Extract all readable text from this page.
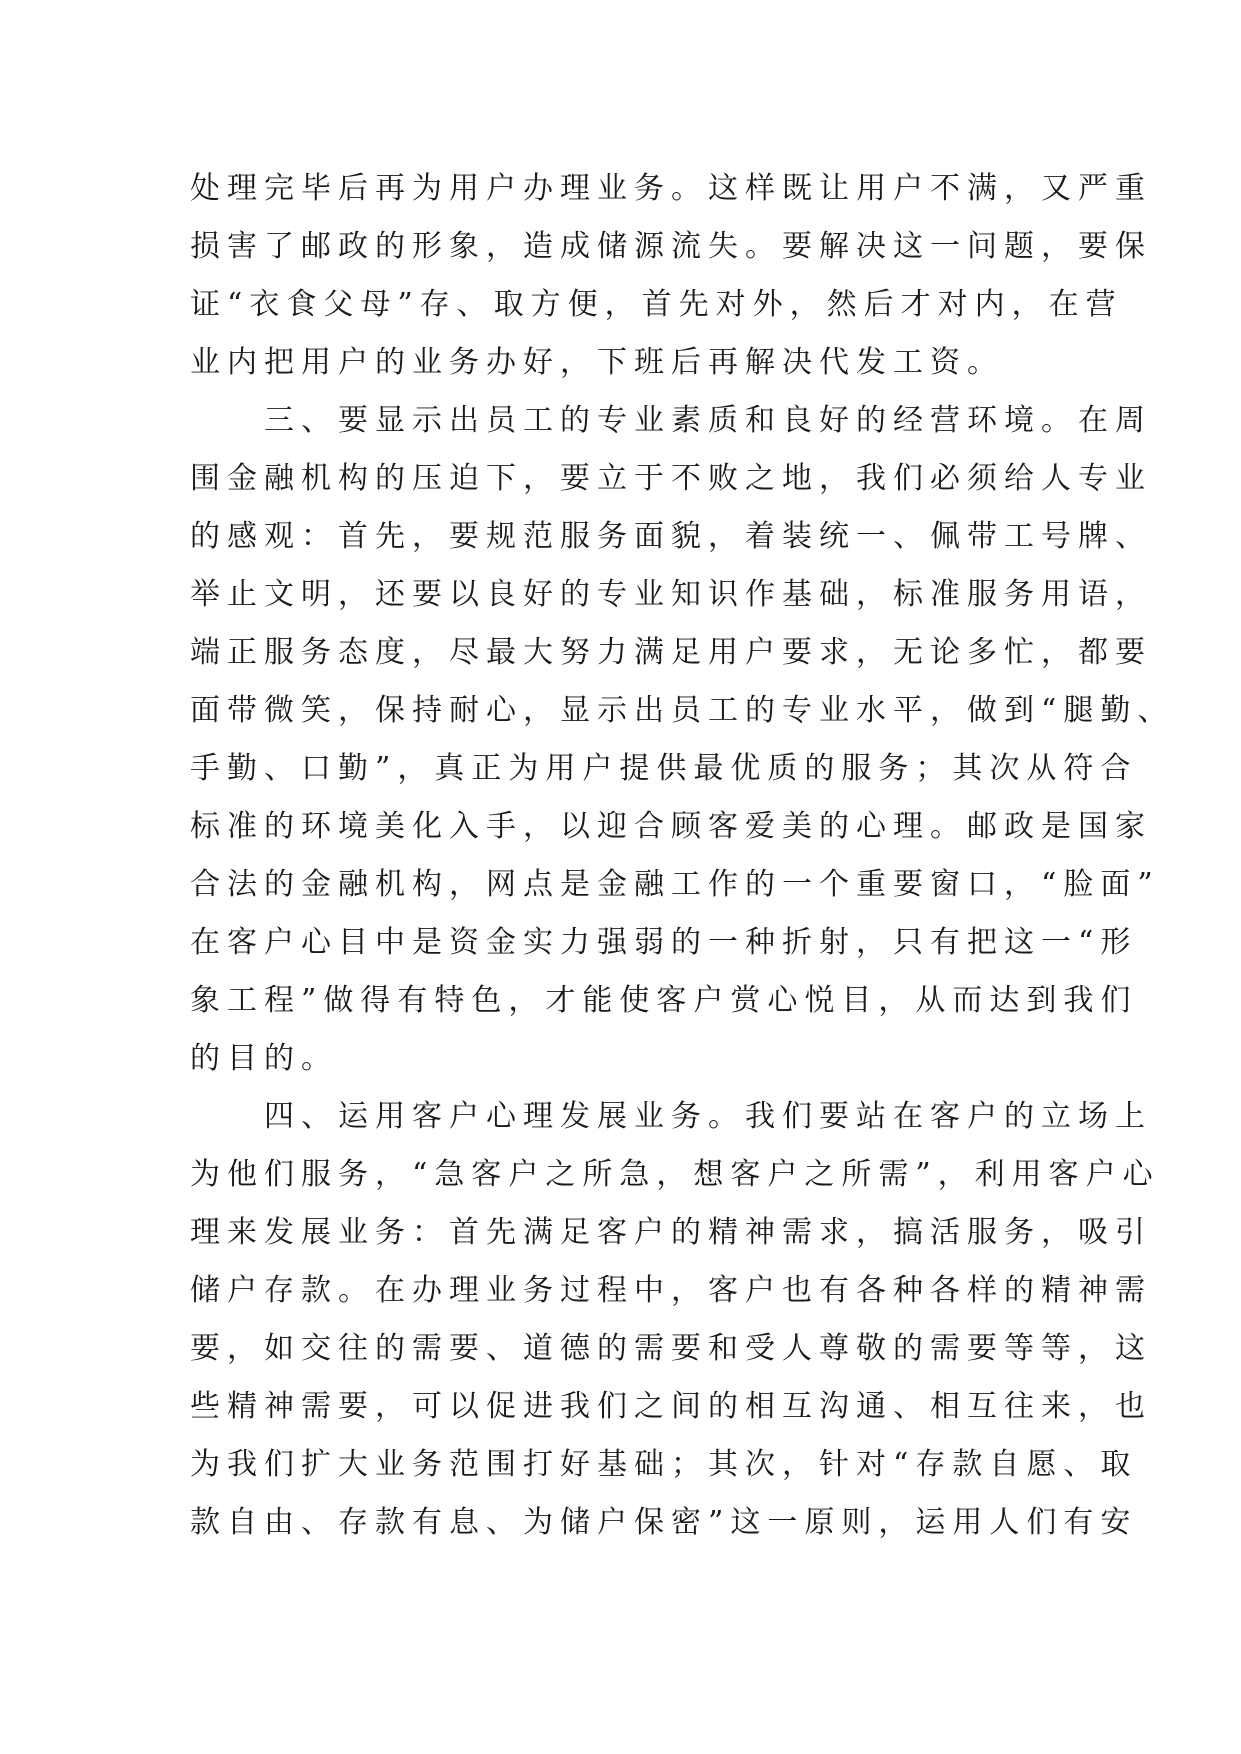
处理完毕后再为用户办理业务。这样既让用户不满，又严重
损害了邮政的形象，造成储源流失。要解决这一问题，要保
证“衣食父母”存、取方便，首先对外，然后才对内，在营
业内把用户的业务办好，下班后再解决代发工资。
三、要显示出员工的专业素质和良好的经营环境。在周
围金融机构的压迫下，要立于不败之地，我们必须给人专业
的感观：首先，要规范服务面貌，着装统一、佩带工号牌、
举止文明，还要以良好的专业知识作基础，标准服务用语，
端正服务态度，尽最大努力满足用户要求，无论多忙，都要
面带微笑，保持耐心，显示出员工的专业水平，做到“腿勤、
手勤、口勤”，真正为用户提供最优质的服务；其次从符合
标准的环境美化入手，以迎合顾客爱美的心理。邮政是国家
合法的金融机构，网点是金融工作的一个重要窗口，“脸面”
在客户心目中是资金实力强弱的一种折射，只有把这一“形
象工程”做得有特色，才能使客户赏心悦目，从而达到我们
的目的。
四、运用客户心理发展业务。我们要站在客户的立场上
为他们服务，“急客户之所急，想客户之所需”，利用客户心
理来发展业务：首先满足客户的精神需求，搞活服务，吸引
储户存款。在办理业务过程中，客户也有各种各样的精神需
要，如交往的需要、道德的需要和受人尊敬的需要等等，这
些精神需要，可以促进我们之间的相互沟通、相互往来，也
为我们扩大业务范围打好基础；其次，针对“存款自愿、取
款自由、存款有息、为储户保密”这一原则，运用人们有安
